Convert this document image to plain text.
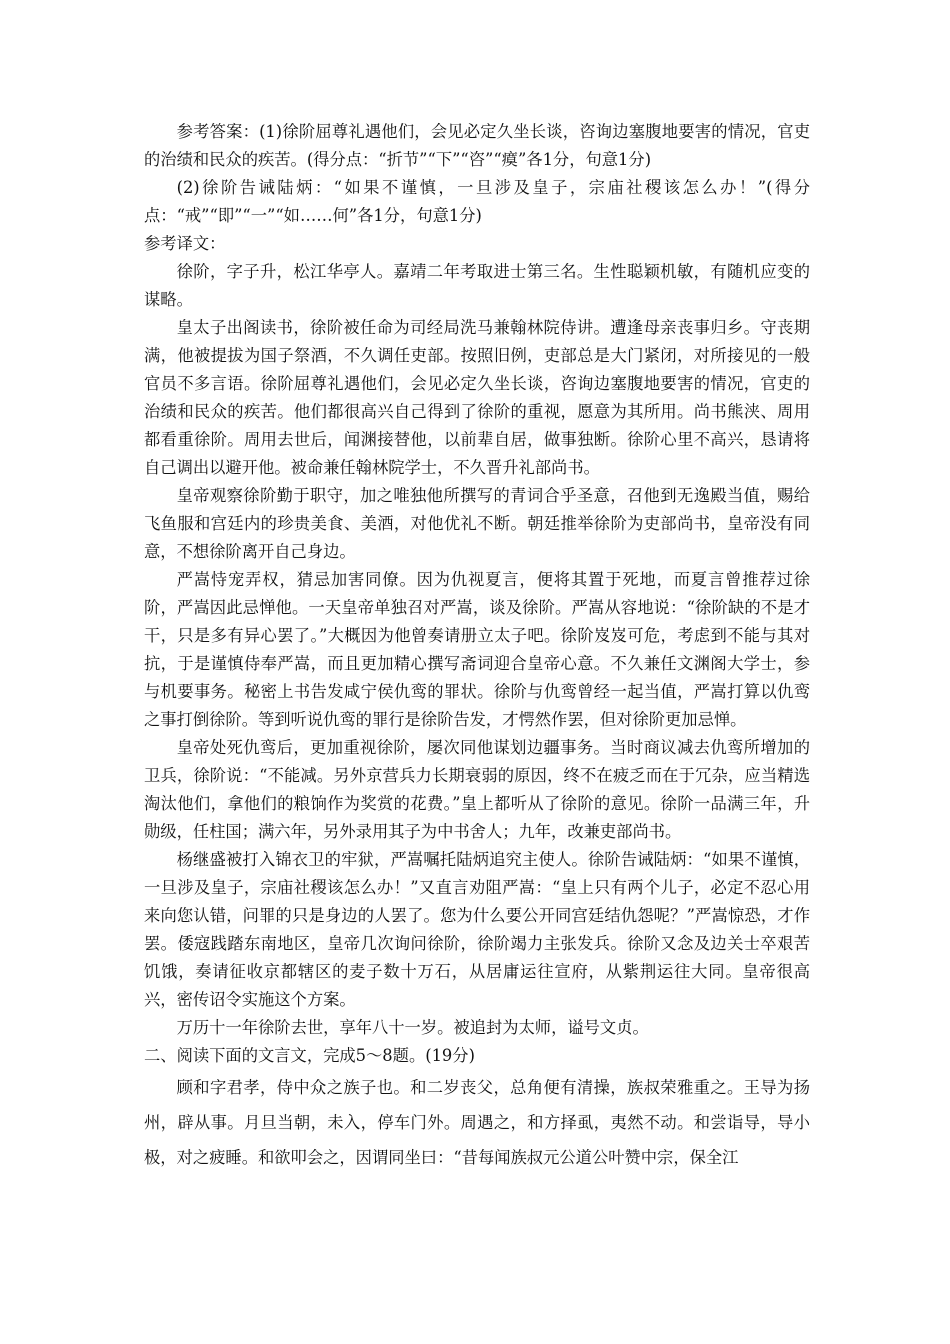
参考答案：(1)徐阶屈尊礼遇他们，会见必定久坐长谈，咨询边塞腹地要害的情况，官吏的治绩和民众的疾苦。(得分点：“折节”“下”“咨”“瘼”各1分，句意1分)

(2)徐阶告诫陆炳：“如果不谨慎，一旦涉及皇子，宗庙社稷该怎么办！”(得分点：“戒”“即”“一”“如……何”各1分，句意1分)

参考译文：

徐阶，字子升，松江华亭人。嘉靖二年考取进士第三名。生性聪颖机敏，有随机应变的谋略。

皇太子出阁读书，徐阶被任命为司经局洗马兼翰林院侍讲。遭逢母亲丧事归乡。守丧期满，他被提拔为国子祭酒，不久调任吏部。按照旧例，吏部总是大门紧闭，对所接见的一般官员不多言语。徐阶屈尊礼遇他们，会见必定久坐长谈，咨询边塞腹地要害的情况，官吏的治绩和民众的疾苦。他们都很高兴自己得到了徐阶的重视，愿意为其所用。尚书熊浃、周用都看重徐阶。周用去世后，闻渊接替他，以前辈自居，做事独断。徐阶心里不高兴，恳请将自己调出以避开他。被命兼任翰林院学士，不久晋升礼部尚书。

皇帝观察徐阶勤于职守，加之唯独他所撰写的青词合乎圣意，召他到无逸殿当值，赐给飞鱼服和宫廷内的珍贵美食、美酒，对他优礼不断。朝廷推举徐阶为吏部尚书，皇帝没有同意，不想徐阶离开自己身边。

严嵩恃宠弄权，猜忌加害同僚。因为仇视夏言，便将其置于死地，而夏言曾推荐过徐阶，严嵩因此忌惮他。一天皇帝单独召对严嵩，谈及徐阶。严嵩从容地说：“徐阶缺的不是才干，只是多有异心罢了。”大概因为他曾奏请册立太子吧。徐阶岌岌可危，考虑到不能与其对抗，于是谨慎侍奉严嵩，而且更加精心撰写斋词迎合皇帝心意。不久兼任文渊阁大学士，参与机要事务。秘密上书告发咸宁侯仇鸾的罪状。徐阶与仇鸾曾经一起当值，严嵩打算以仇鸾之事打倒徐阶。等到听说仇鸾的罪行是徐阶告发，才愕然作罢，但对徐阶更加忌惮。

皇帝处死仇鸾后，更加重视徐阶，屡次同他谋划边疆事务。当时商议减去仇鸾所增加的卫兵，徐阶说：“不能减。另外京营兵力长期衰弱的原因，终不在疲乏而在于冗杂，应当精选淘汰他们，拿他们的粮饷作为奖赏的花费。”皇上都听从了徐阶的意见。徐阶一品满三年，升勋级，任柱国；满六年，另外录用其子为中书舍人；九年，改兼吏部尚书。

杨继盛被打入锦衣卫的牢狱，严嵩嘱托陆炳追究主使人。徐阶告诫陆炳：“如果不谨慎，一旦涉及皇子，宗庙社稷该怎么办！”又直言劝阻严嵩：“皇上只有两个儿子，必定不忍心用来向您认错，问罪的只是身边的人罢了。您为什么要公开同宫廷结仇怨呢？”严嵩惊恐，才作罢。倭寇践踏东南地区，皇帝几次询问徐阶，徐阶竭力主张发兵。徐阶又念及边关士卒艰苦饥饿，奏请征收京都辖区的麦子数十万石，从居庸运往宣府，从紫荆运往大同。皇帝很高兴，密传诏令实施这个方案。

万历十一年徐阶去世，享年八十一岁。被追封为太师，谥号文贞。

二、阅读下面的文言文，完成5～8题。(19分)

顾和字君孝，侍中众之族子也。和二岁丧父，总角便有清操，族叔荣雅重之。王导为扬州，辟从事。月旦当朝，未入，停车门外。周遇之，和方择虱，夷然不动。和尝诣导，导小极，对之疲睡。和欲叩会之，因谓同坐曰：“昔每闻族叔元公道公叶赞中宗，保全江
